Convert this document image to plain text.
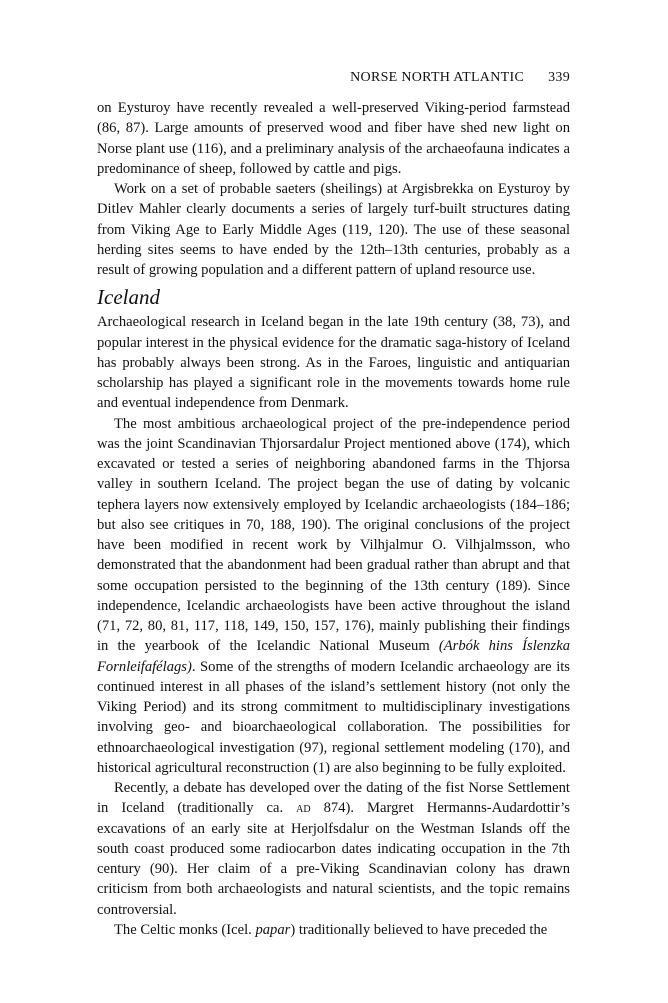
NORSE NORTH ATLANTIC 339

on Eysturoy have recently revealed a well-preserved Viking-period farmstead (86, 87). Large amounts of preserved wood and fiber have shed new light on Norse plant use (116), and a preliminary analysis of the archaeofauna indicates a predominance of sheep, followed by cattle and pigs.

Work on a set of probable saeters (sheilings) at Argisbrekka on Eysturoy by Ditlev Mahler clearly documents a series of largely turf-built structures dating from Viking Age to Early Middle Ages (119, 120). The use of these seasonal herding sites seems to have ended by the 12th–13th centuries, probably as a result of growing population and a different pattern of upland resource use.

Iceland

Archaeological research in Iceland began in the late 19th century (38, 73), and popular interest in the physical evidence for the dramatic saga-history of Iceland has probably always been strong. As in the Faroes, linguistic and antiquarian scholarship has played a significant role in the movements towards home rule and eventual independence from Denmark.

The most ambitious archaeological project of the pre-independence period was the joint Scandinavian Thjorsardalur Project mentioned above (174), which excavated or tested a series of neighboring abandoned farms in the Thjorsa valley in southern Iceland. The project began the use of dating by volcanic tephera layers now extensively employed by Icelandic archaeologists (184–186; but also see critiques in 70, 188, 190). The original conclusions of the project have been modified in recent work by Vilhjalmur O. Vilhjalmsson, who demonstrated that the abandonment had been gradual rather than abrupt and that some occupation persisted to the beginning of the 13th century (189). Since independence, Icelandic archaeologists have been active throughout the island (71, 72, 80, 81, 117, 118, 149, 150, 157, 176), mainly publishing their findings in the yearbook of the Icelandic National Museum (Arbók hins Íslenzka Fornleifafélags). Some of the strengths of modern Icelandic archaeology are its continued interest in all phases of the island’s settlement history (not only the Viking Period) and its strong commitment to multidisciplinary investigations involving geo- and bioarchaeological collaboration. The possibilities for ethnoarchaeological investigation (97), regional settlement modeling (170), and historical agricultural reconstruction (1) are also beginning to be fully exploited.

Recently, a debate has developed over the dating of the fist Norse Settlement in Iceland (traditionally ca. ad 874). Margret Hermanns-Audardottir’s excavations of an early site at Herjolfsdalur on the Westman Islands off the south coast produced some radiocarbon dates indicating occupation in the 7th century (90). Her claim of a pre-Viking Scandinavian colony has drawn criticism from both archaeologists and natural scientists, and the topic remains controversial.

The Celtic monks (Icel. papar) traditionally believed to have preceded the
